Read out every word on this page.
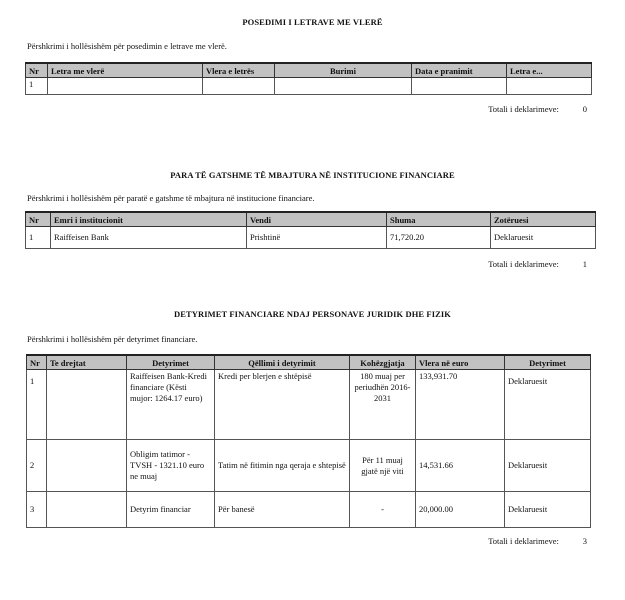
POSEDIMI I LETRAVE ME VLERË
Përshkrimi i hollësishëm për posedimin e letrave me vlerë.
Nr	Letra me vlerë	Vlera e letrës	Burimi	Data e pranimit	Letra e...
1					
Totali i deklarimeve:	0
PARA TË GATSHME TË MBAJTURA NË INSTITUCIONE FINANCIARE
Përshkrimi i hollësishëm për paratë e gatshme të mbajtura në institucione financiare.
Nr	Emri i institucionit	Vendi	Shuma	Zotëruesi
1	Raiffeisen Bank	Prishtinë	71,720.20	Deklaruesit
Totali i deklarimeve:	1
DETYRIMET FINANCIARE NDAJ PERSONAVE JURIDIK DHE FIZIK
Përshkrimi i hollësishëm për detyrimet financiare.
Nr	Te drejtat	Detyrimet	Qëllimi i detyrimit	Kohëzgjatja	Vlera në euro	Detyrimet
1		Raiffeisen Bank-Kredi financiare (Kësti mujor: 1264.17 euro)	Kredi per blerjen e shtëpisë	180 muaj per periudhën 2016-2031	133,931.70	Deklaruesit
2		Obligim tatimor - TVSH - 1321.10 euro ne muaj	Tatim në fitimin nga qeraja e shtepisë	Për 11 muaj gjatë një viti	14,531.66	Deklaruesit
3		Detyrim financiar	Për banesë	-	20,000.00	Deklaruesit
Totali i deklarimeve:	3
